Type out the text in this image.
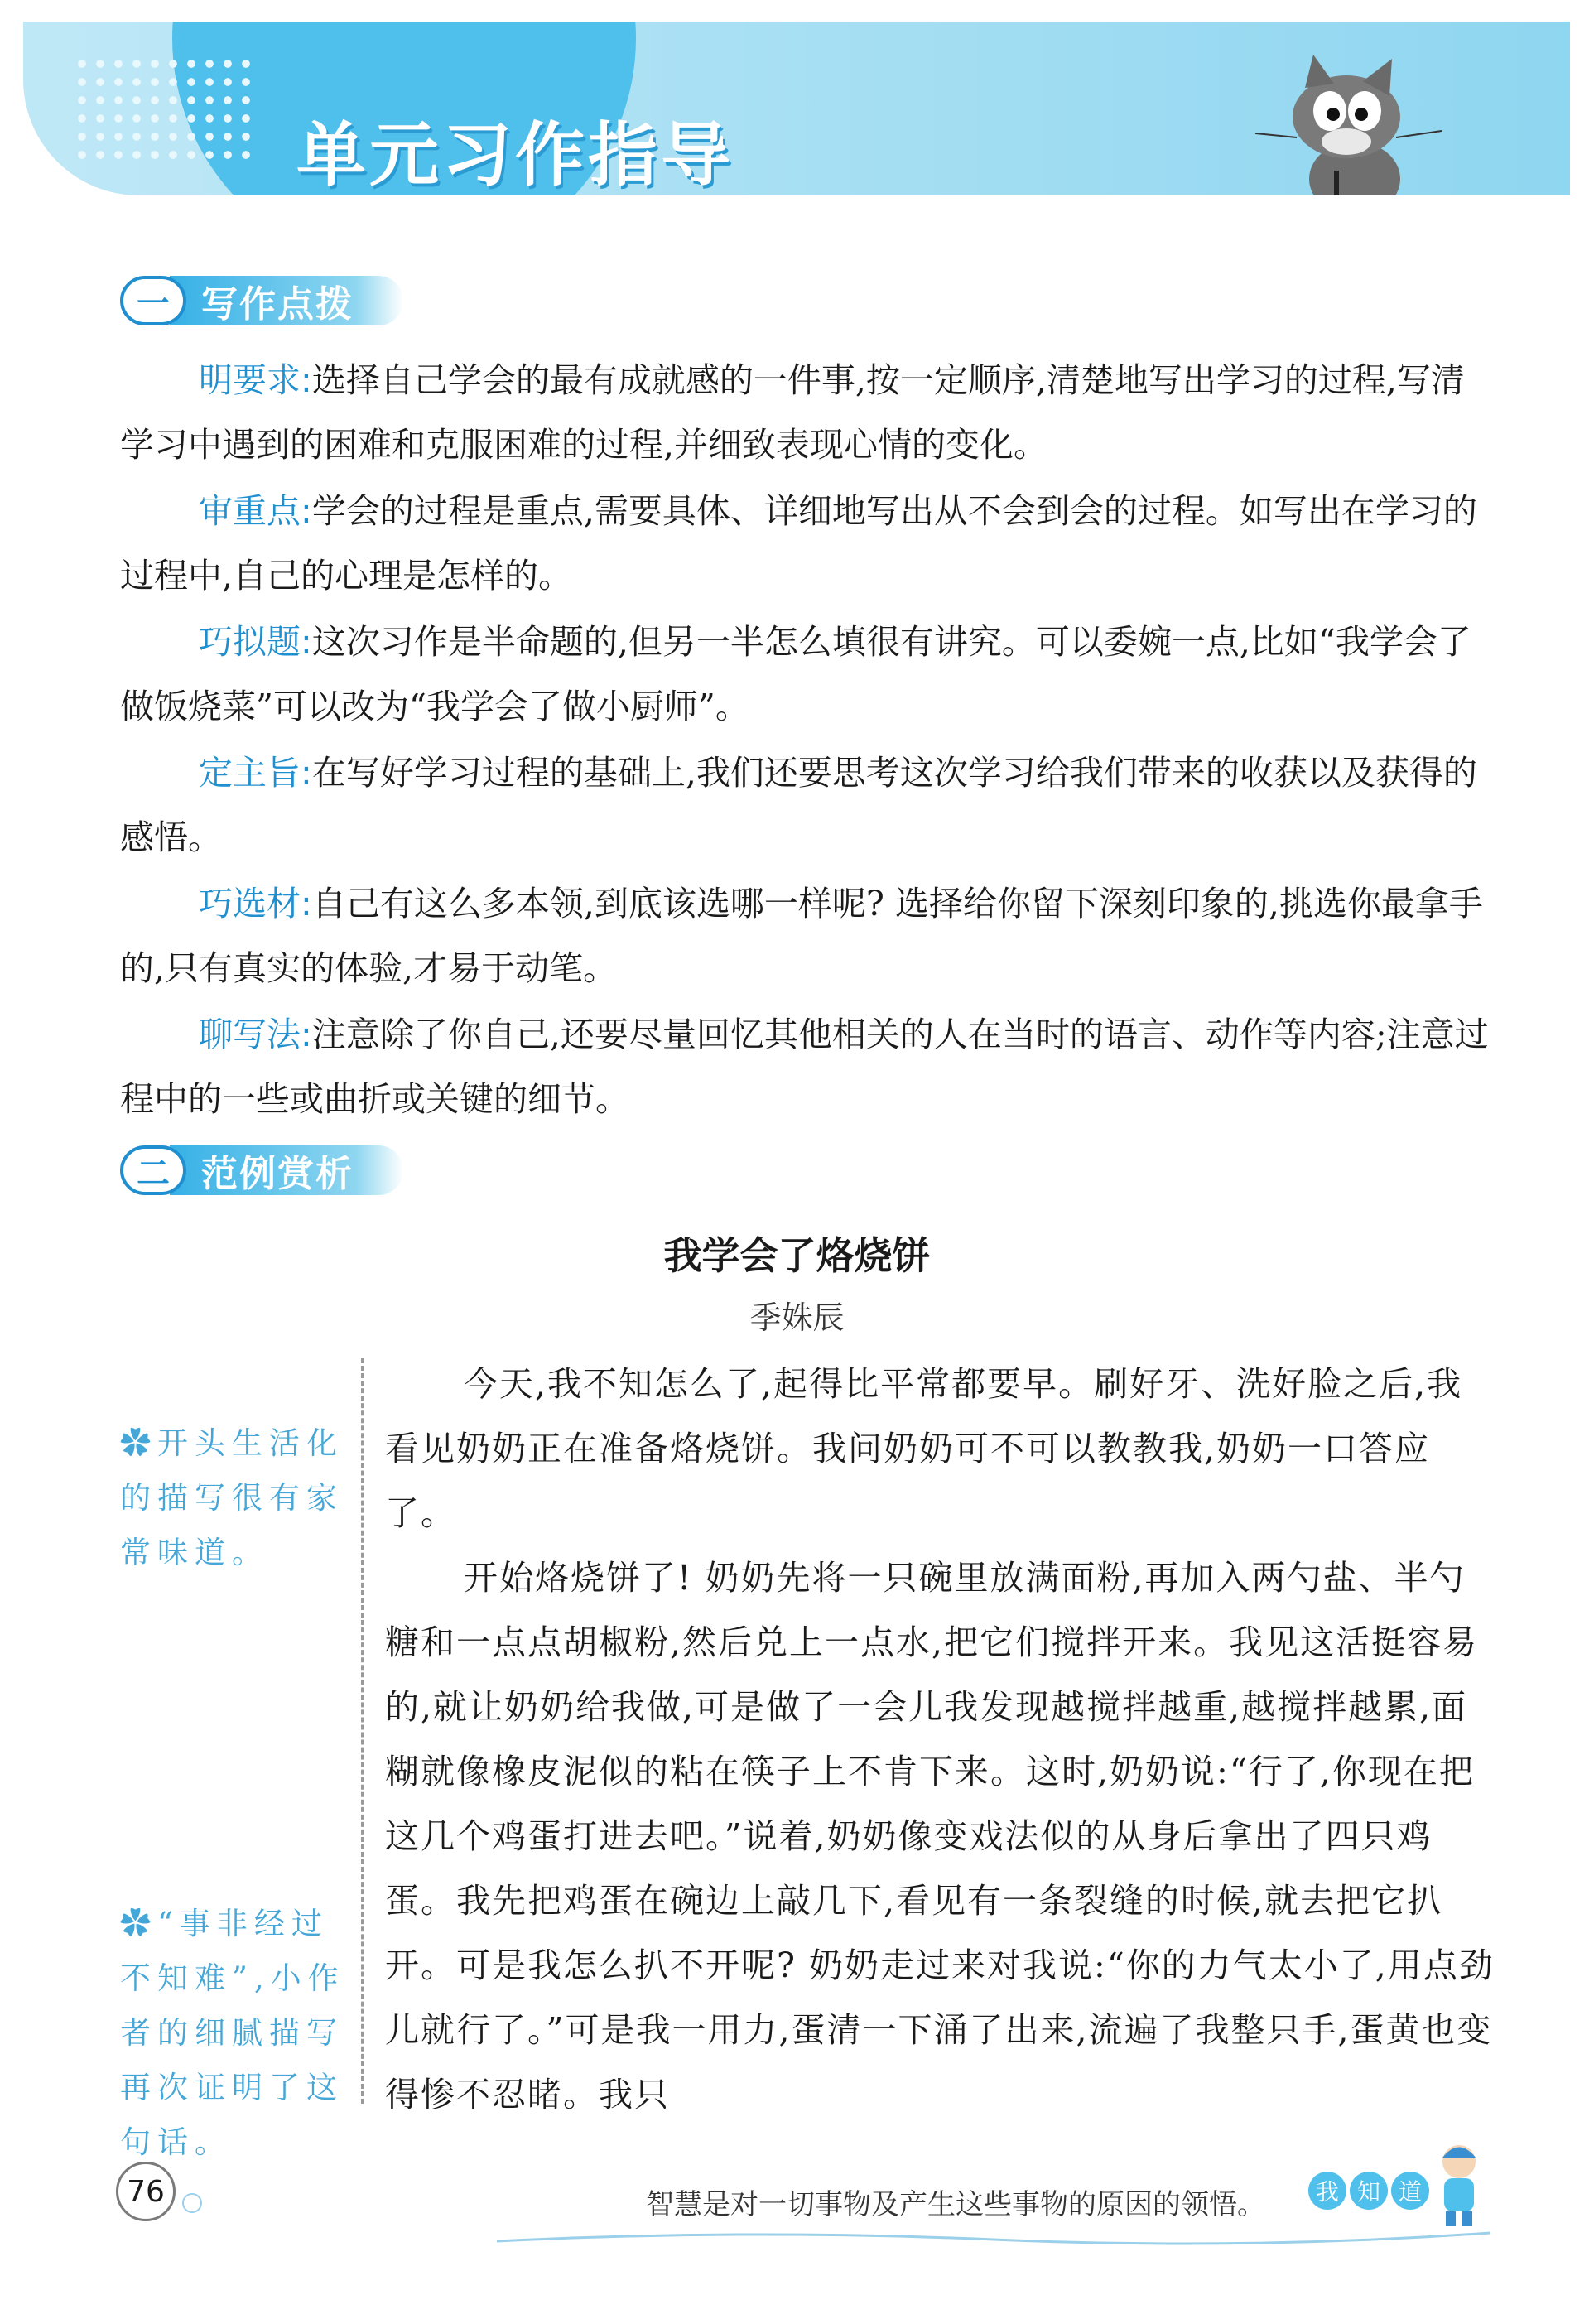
单元习作指导
一 写作点拨
明要求:选择自己学会的最有成就感的一件事,按一定顺序,清楚地写出学习的过程,写清学习中遇到的困难和克服困难的过程,并细致表现心情的变化。
审重点:学会的过程是重点,需要具体、详细地写出从不会到会的过程。如写出在学习的过程中,自己的心理是怎样的。
巧拟题:这次习作是半命题的,但另一半怎么填很有讲究。可以委婉一点,比如“我学会了做饭烧菜”可以改为“我学会了做小厨师”。
定主旨:在写好学习过程的基础上,我们还要思考这次学习给我们带来的收获以及获得的感悟。
巧选材:自己有这么多本领,到底该选哪一样呢? 选择给你留下深刻印象的,挑选你最拿手的,只有真实的体验,才易于动笔。
聊写法:注意除了你自己,还要尽量回忆其他相关的人在当时的语言、动作等内容;注意过程中的一些或曲折或关键的细节。
二 范例赏析
我学会了烙烧饼
季姝辰
✿开头生活化的描写很有家常味道。
✿“事非经过不知难”,小作者的细腻描写再次证明了这句话。
今天,我不知怎么了,起得比平常都要早。刷好牙、洗好脸之后,我看见奶奶正在准备烙烧饼。我问奶奶可不可以教教我,奶奶一口答应了。
开始烙烧饼了! 奶奶先将一只碗里放满面粉,再加入两勺盐、半勺糖和一点点胡椒粉,然后兑上一点水,把它们搅拌开来。我见这活挺容易的,就让奶奶给我做,可是做了一会儿我发现越搅拌越重,越搅拌越累,面糊就像橡皮泥似的粘在筷子上不肯下来。这时,奶奶说:“行了,你现在把这几个鸡蛋打进去吧。”说着,奶奶像变戏法似的从身后拿出了四只鸡蛋。我先把鸡蛋在碗边上敲几下,看见有一条裂缝的时候,就去把它扒开。可是我怎么扒不开呢? 奶奶走过来对我说:“你的力气太小了,用点劲儿就行了。”可是我一用力,蛋清一下涌了出来,流遍了我整只手,蛋黄也变得惨不忍睹。我只
76	智慧是对一切事物及产生这些事物的原因的领悟。	我 知 道
